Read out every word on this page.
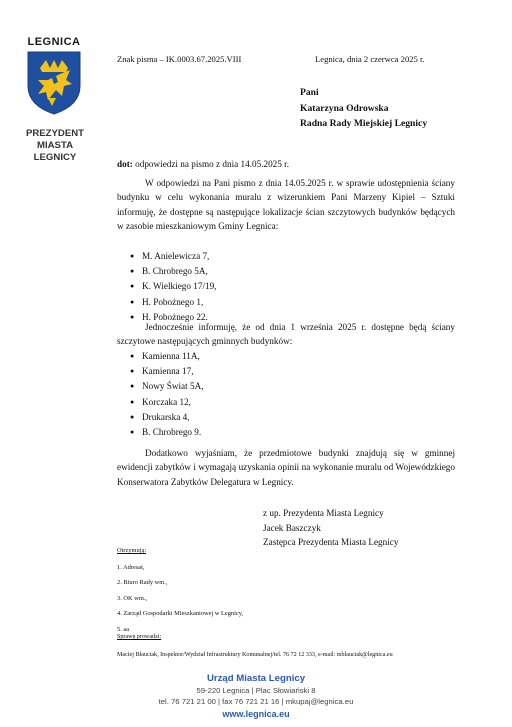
LEGNICA
PREZYDENT
MIASTA
LEGNICY
Znak pisma – IK.0003.67.2025.VIII	Legnica, dnia 2 czerwca 2025 r.
Pani
Katarzyna Odrowska
Radna Rady Miejskiej Legnicy
dot: odpowiedzi na pismo z dnia 14.05.2025 r.
W odpowiedzi na Pani pismo z dnia 14.05.2025 r. w sprawie udostępnienia ściany budynku w celu wykonania muralu z wizerunkiem Pani Marzeny Kipiel – Sztuki informuję, że dostępne są następujące lokalizacje ścian szczytowych budynków będących w zasobie mieszkaniowym Gminy Legnica:
● M. Anielewicza 7,
● B. Chrobrego 5A,
● K. Wielkiego 17/19,
● H. Pobożnego 1,
● H. Pobożnego 22.
Jednocześnie informuję, że od dnia 1 września 2025 r. dostępne będą ściany szczytowe następujących gminnych budynków:
● Kamienna 11A,
● Kamienna 17,
● Nowy Świat 5A,
● Korczaka 12,
● Drukarska 4,
● B. Chrobrego 9.
Dodatkowo wyjaśniam, że przedmiotowe budynki znajdują się w gminnej ewidencji zabytków i wymagają uzyskania opinii na wykonanie muralu od Wojewódzkiego Konserwatora Zabytków Delegatura w Legnicy.
z up. Prezydenta Miasta Legnicy
Jacek Baszczyk
Zastępca Prezydenta Miasta Legnicy
Otrzymują:
1. Adresat,
2. Biuro Rady wm.,
3. OK wm.,
4. Zarząd Gospodarki Mieszkaniowej w Legnicy,
5. aa
Sprawę prowadzi:
Maciej Błauciak, Inspektor/Wydział Infrastruktury Komunalnej/tel. 76 72 12 333, e-mail: mblauciak@legnica.eu
Urząd Miasta Legnicy
59-220 Legnica | Plac Słowiański 8
tel. 76 721 21 00 | fax 76 721 21 16 | mkupaj@legnica.eu
www.legnica.eu
